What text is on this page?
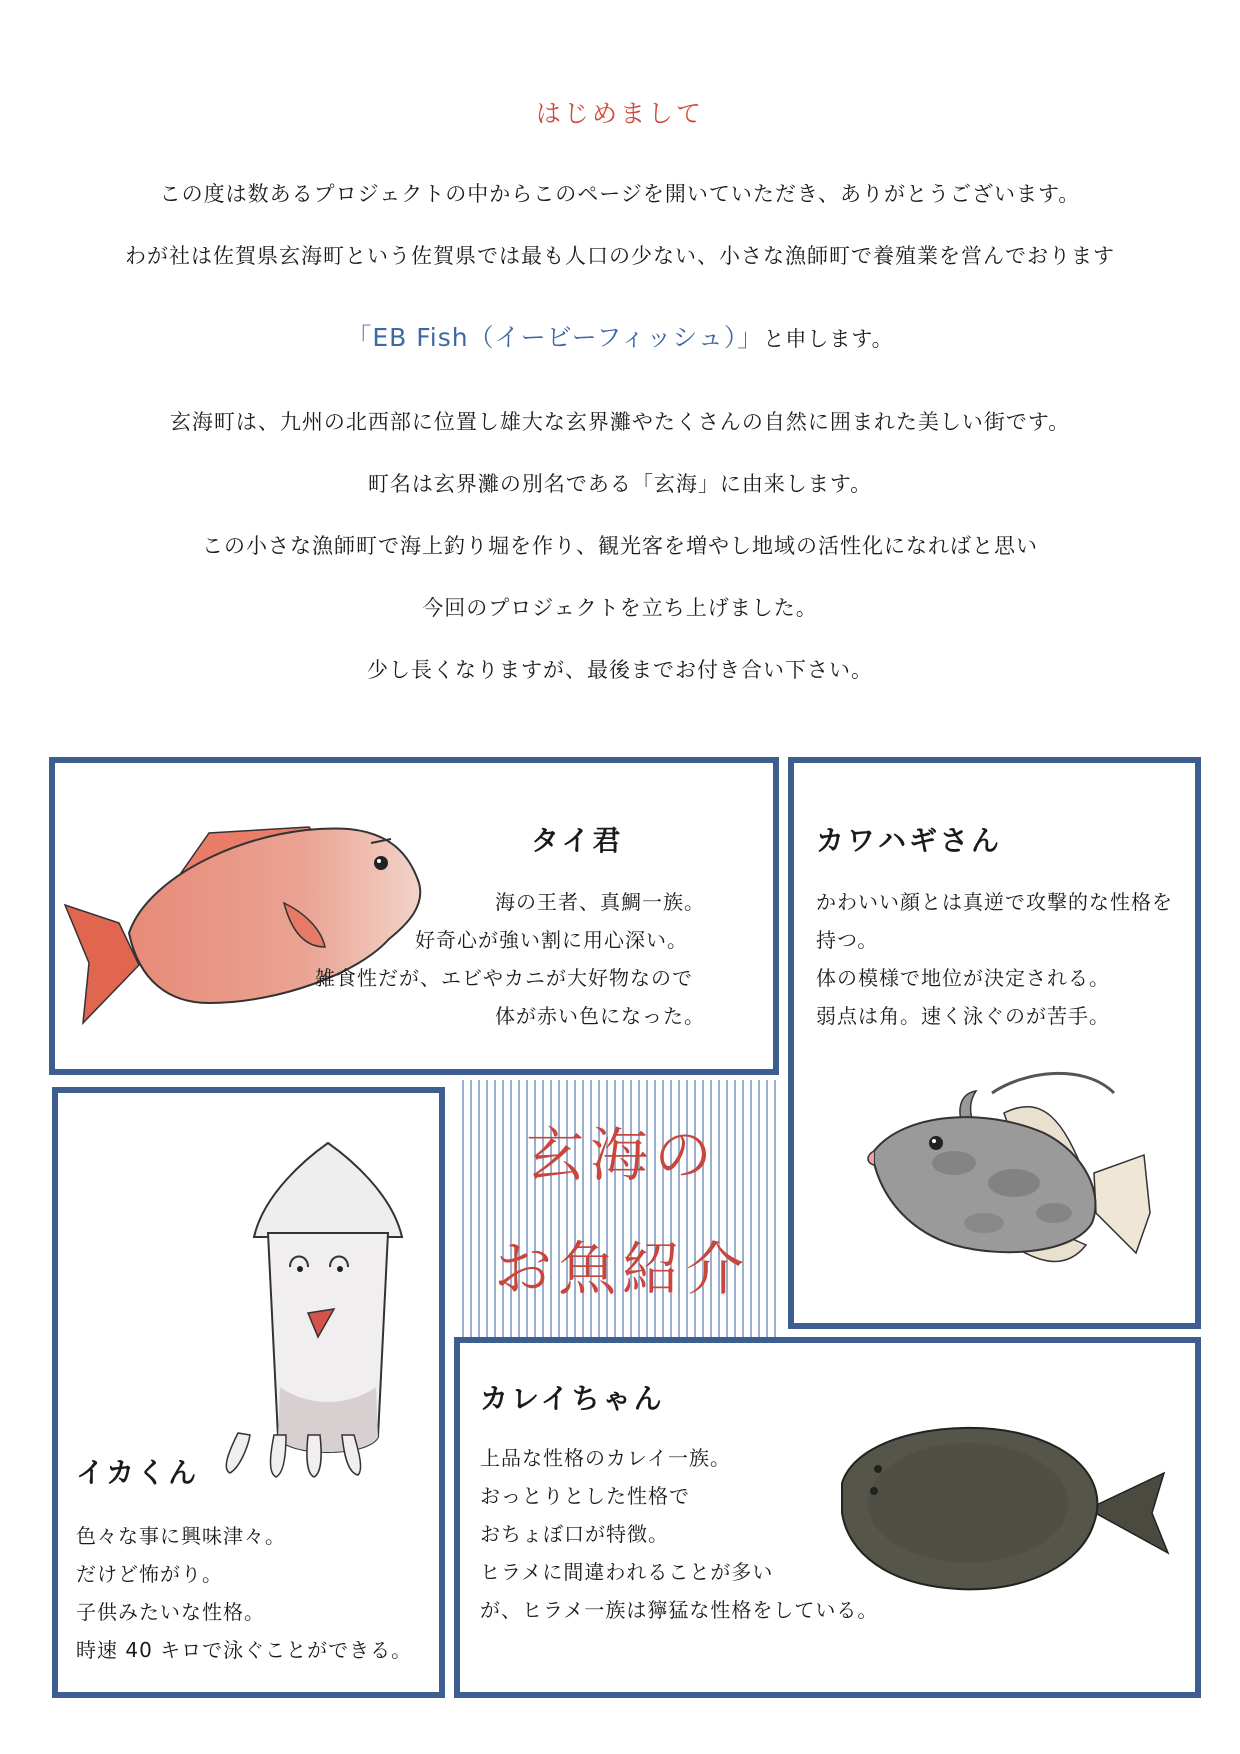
はじめまして
この度は数あるプロジェクトの中からこのページを開いていただき、ありがとうございます。
わが社は佐賀県玄海町という佐賀県では最も人口の少ない、小さな漁師町で養殖業を営んでおります
「EB Fish（イービーフィッシュ）」と申します。
玄海町は、九州の北西部に位置し雄大な玄界灘やたくさんの自然に囲まれた美しい街です。
町名は玄界灘の別名である「玄海」に由来します。
この小さな漁師町で海上釣り堀を作り、観光客を増やし地域の活性化になればと思い
今回のプロジェクトを立ち上げました。
少し長くなりますが、最後までお付き合い下さい。
タイ君
海の王者、真鯛一族。
好奇心が強い割に用心深い。
雑食性だが、エビやカニが大好物なので
体が赤い色になった。
カワハギさん
かわいい顔とは真逆で攻撃的な性格を
持つ。
体の模様で地位が決定される。
弱点は角。速く泳ぐのが苦手。
玄海の
お魚紹介
イカくん
色々な事に興味津々。
だけど怖がり。
子供みたいな性格。
時速 40 キロで泳ぐことができる。
カレイちゃん
上品な性格のカレイ一族。
おっとりとした性格で
おちょぼ口が特徴。
ヒラメに間違われることが多い
が、ヒラメ一族は獰猛な性格をしている。
